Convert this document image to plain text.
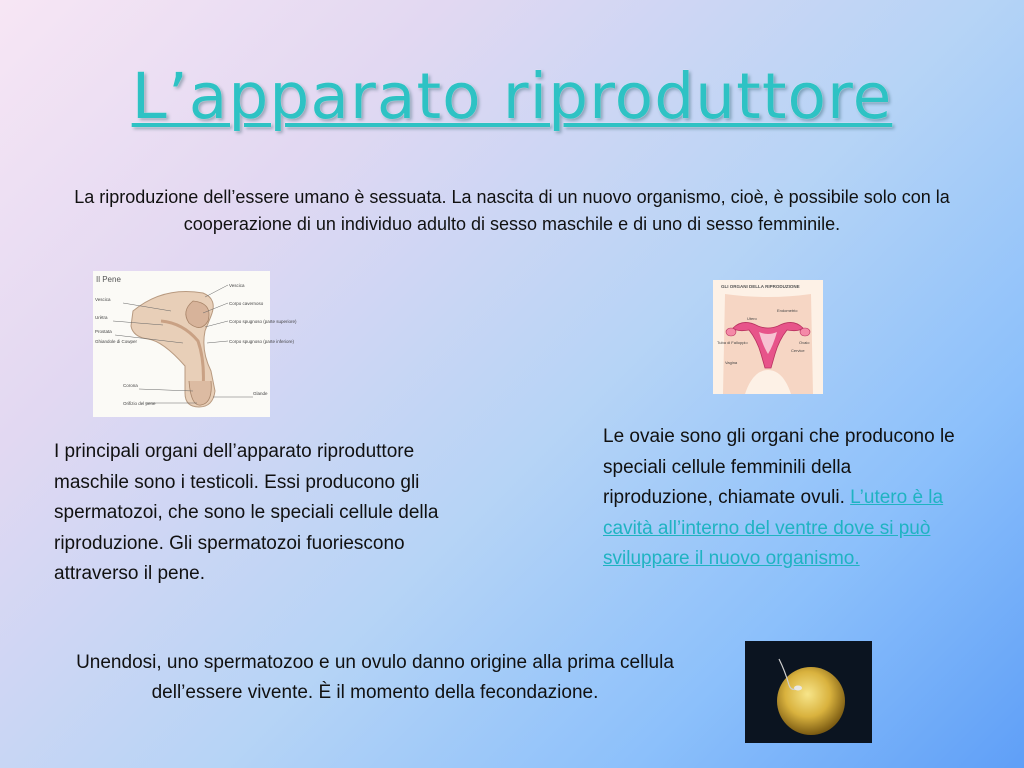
L’apparato riproduttore

La riproduzione dell’essere umano è sessuata. La nascita di un nuovo organismo, cioè, è possibile solo con la cooperazione di un individuo adulto di sesso maschile e di uno di sesso femminile.

Il Pene
Vescica
Corpo cavernoso
Corpo spugnoso (parte superiore)
Corpo spugnoso (parte inferiore)
Glande
Vescica
Urètra
Prostata
Ghiandole di Cowper
Corona
Orifizio del pene
GLI ORGANI DELLA RIPRODUZIONE
Endometrio
Utero
Tuba di Falloppio	Ovaio
Cervice
Vagina

I principali organi dell’apparato riproduttore maschile sono i testicoli. Essi producono gli spermatozoi, che sono le speciali cellule della riproduzione. Gli spermatozoi fuoriescono attraverso il pene.

Le ovaie sono gli organi che producono le speciali cellule femminili della riproduzione, chiamate ovuli. L’utero è la cavità all’interno del ventre dove si può sviluppare il nuovo organismo.

Unendosi, uno spermatozoo e un ovulo danno origine alla prima cellula dell’essere vivente. È il momento della fecondazione.
